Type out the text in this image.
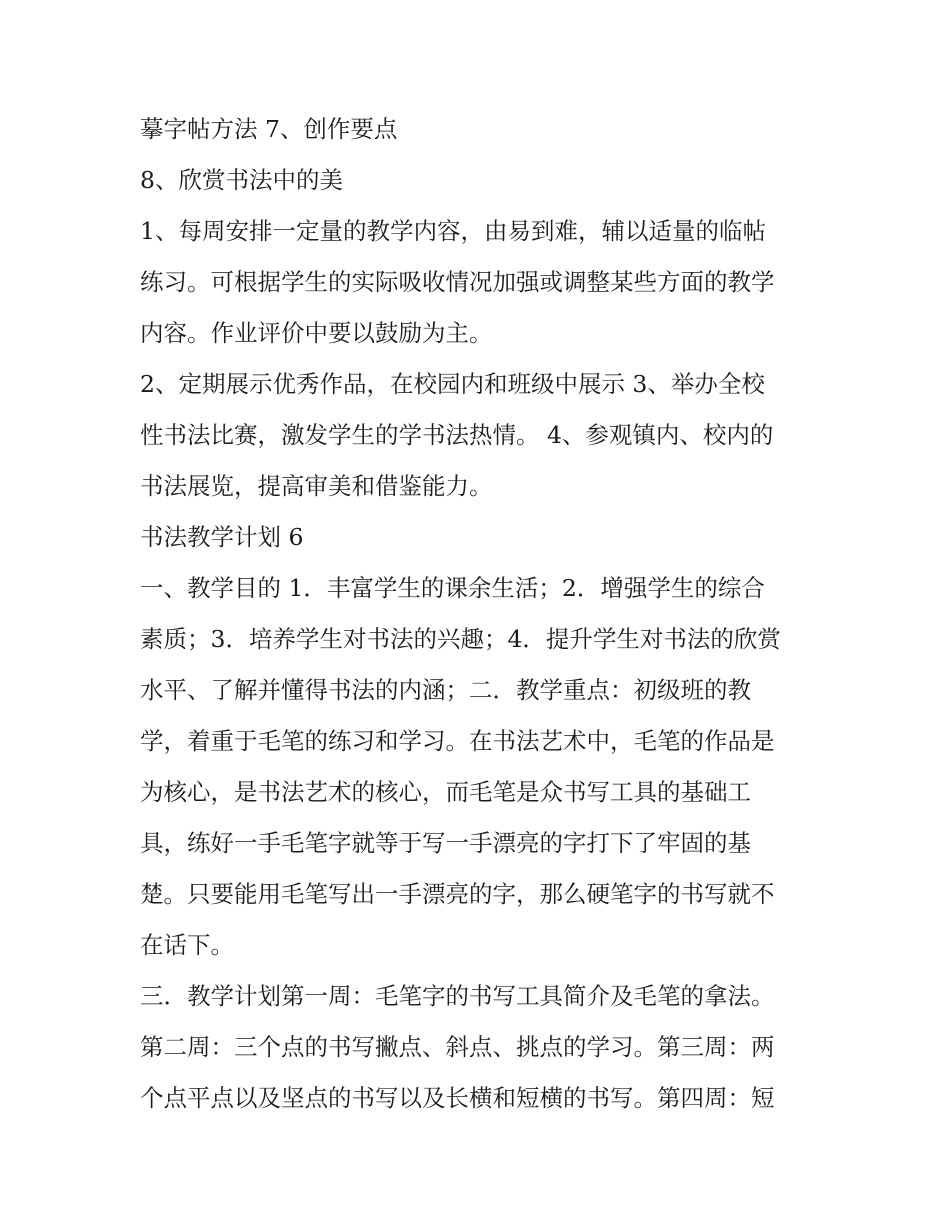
摹字帖方法 7、创作要点
8、欣赏书法中的美
1、每周安排一定量的教学内容，由易到难，辅以适量的临帖
练习。可根据学生的实际吸收情况加强或调整某些方面的教学
内容。作业评价中要以鼓励为主。
2、定期展示优秀作品，在校园内和班级中展示 3、举办全校
性书法比赛，激发学生的学书法热情。 4、参观镇内、校内的
书法展览，提高审美和借鉴能力。
书法教学计划 6
一、教学目的 1．丰富学生的课余生活；2．增强学生的综合
素质；3．培养学生对书法的兴趣；4．提升学生对书法的欣赏
水平、了解并懂得书法的内涵；二．教学重点：初级班的教
学，着重于毛笔的练习和学习。在书法艺术中，毛笔的作品是
为核心，是书法艺术的核心，而毛笔是众书写工具的基础工
具，练好一手毛笔字就等于写一手漂亮的字打下了牢固的基
楚。只要能用毛笔写出一手漂亮的字，那么硬笔字的书写就不
在话下。
三．教学计划第一周：毛笔字的书写工具简介及毛笔的拿法。
第二周：三个点的书写撇点、斜点、挑点的学习。第三周：两
个点平点以及坚点的书写以及长横和短横的书写。第四周：短
